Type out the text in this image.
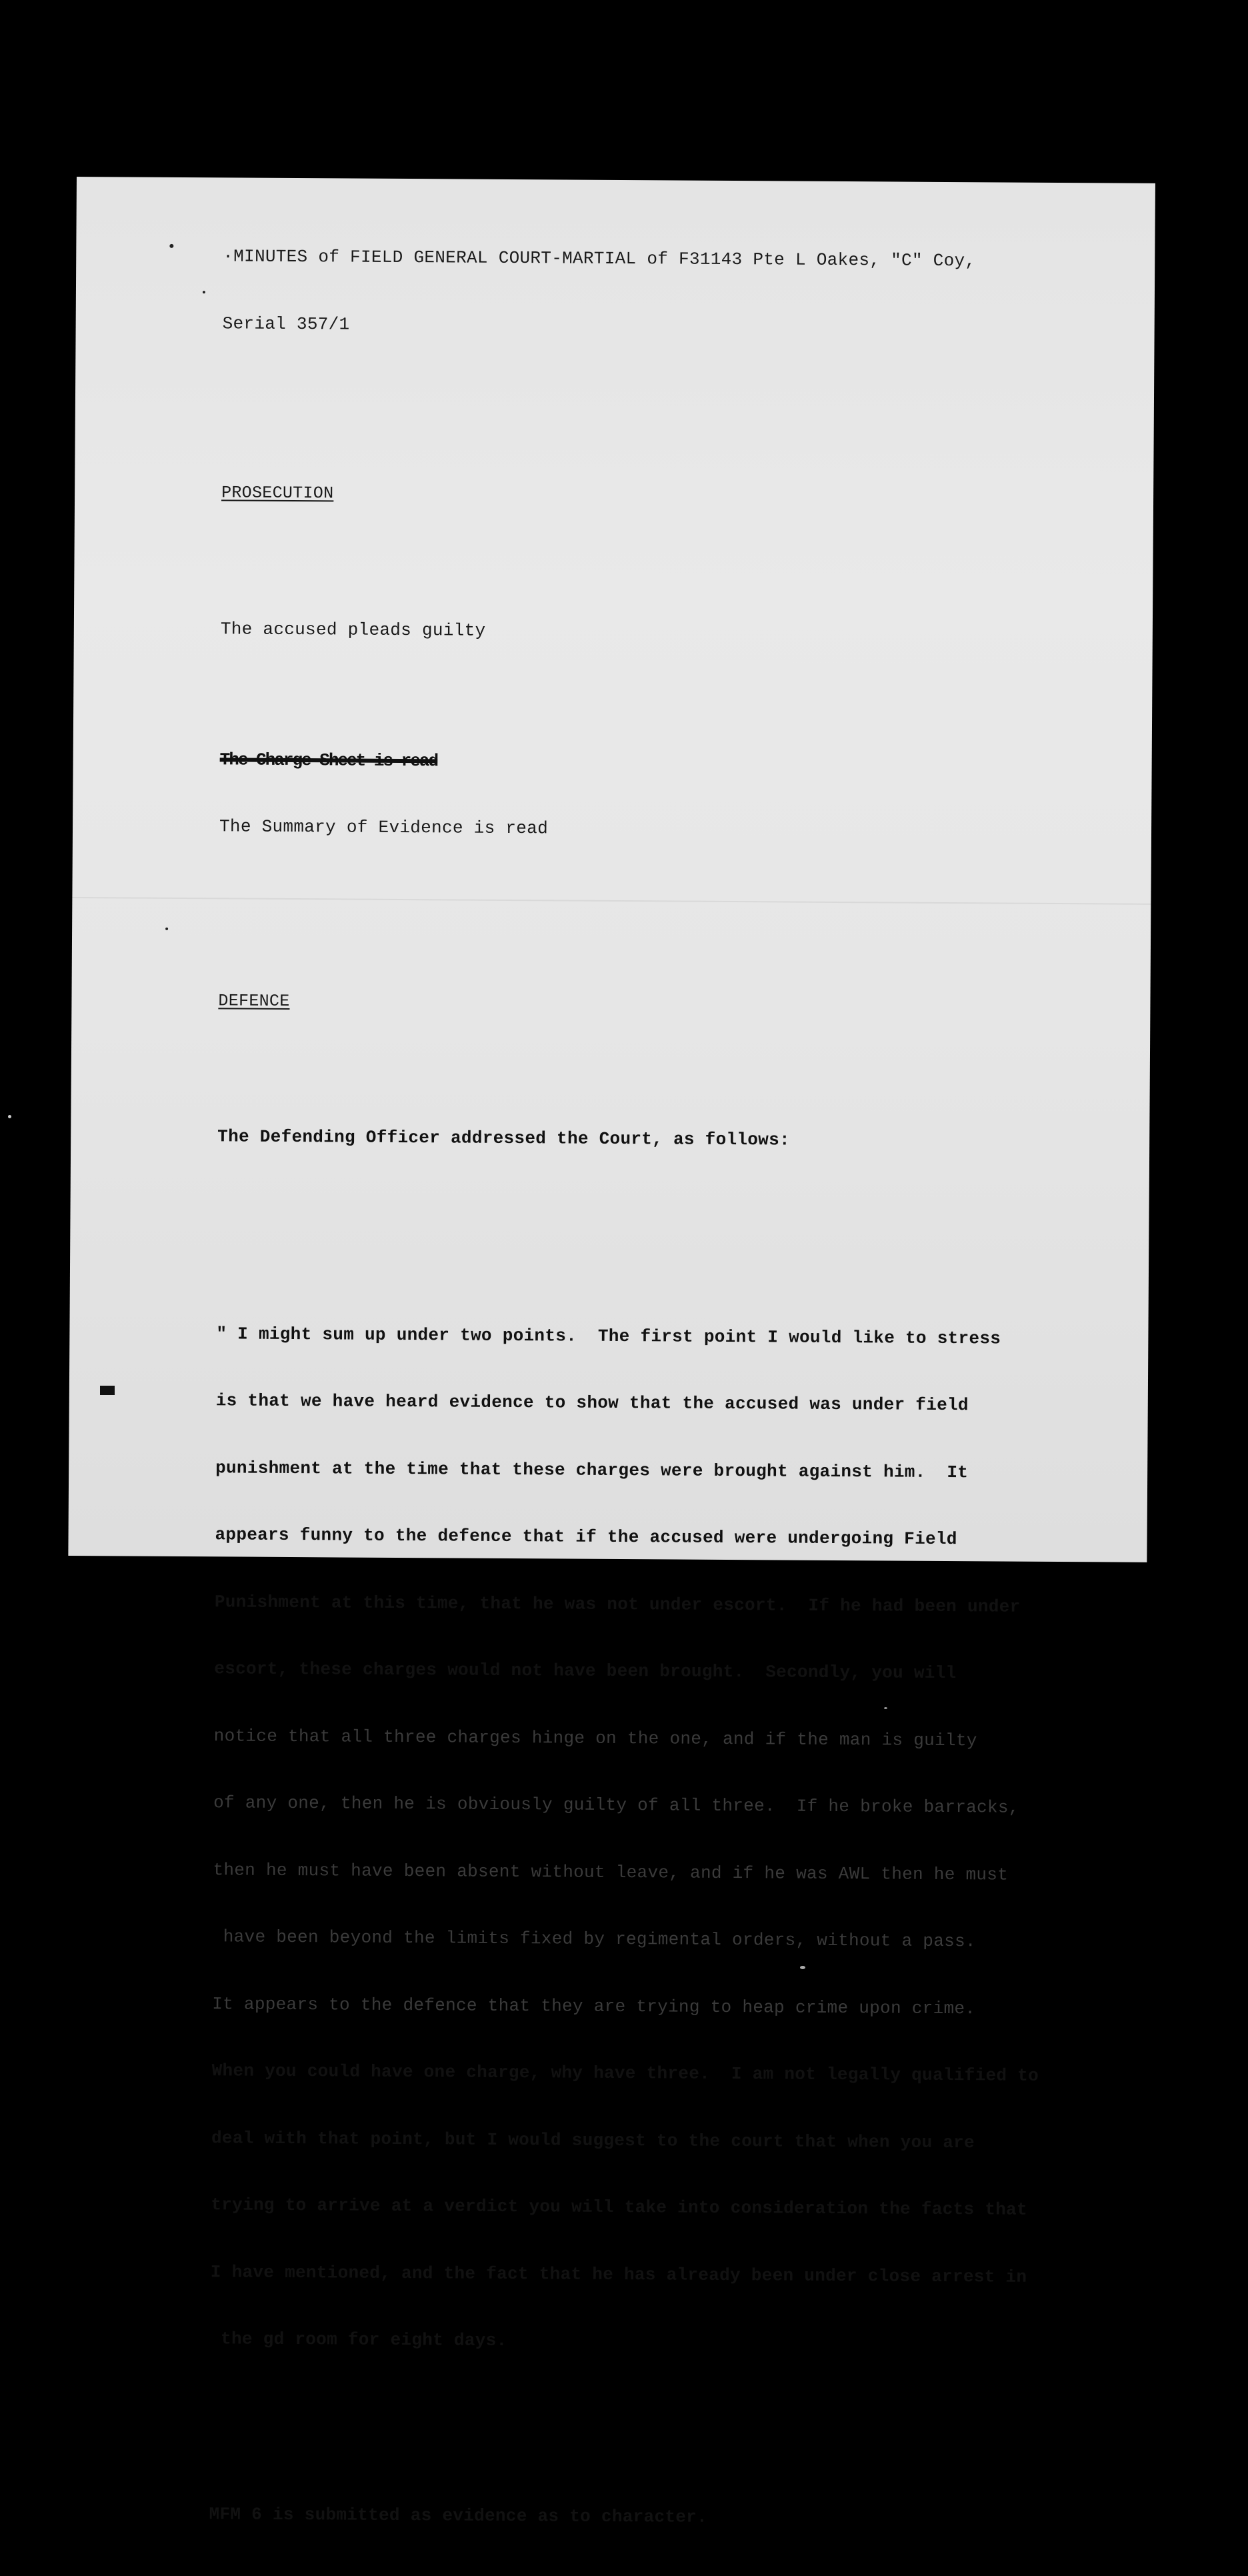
·MINUTES of FIELD GENERAL COURT-MARTIAL of F31143 Pte L Oakes, "C" Coy,

Serial 357/1

PROSECUTION

The accused pleads guilty

The Charge Sheet is read

The Summary of Evidence is read

DEFENCE

The Defending Officer addressed the Court, as follows:

" I might sum up under two points.  The first point I would like to stress

is that we have heard evidence to show that the accused was under field

punishment at the time that these charges were brought against him.  It

appears funny to the defence that if the accused were undergoing Field

Punishment at this time, that he was not under escort.  If he had been under

escort, these charges would not have been brought.  Secondly, you will

notice that all three charges hinge on the one, and if the man is guilty

of any one, then he is obviously guilty of all three.  If he broke barracks,

then he must have been absent without leave, and if he was AWL then he must

have been beyond the limits fixed by regimental orders, without a pass.

It appears to the defence that they are trying to heap crime upon crime.

When you could have one charge, why have three.  I am not legally qualified to

deal with that point, but I would suggest to the court that when you are

trying to arrive at a verdict you will take into consideration the facts that

I have mentioned, and the fact that he has already been under close arrest in

the gd room for eight days.

MFM 6 is submitted as evidence as to character.
